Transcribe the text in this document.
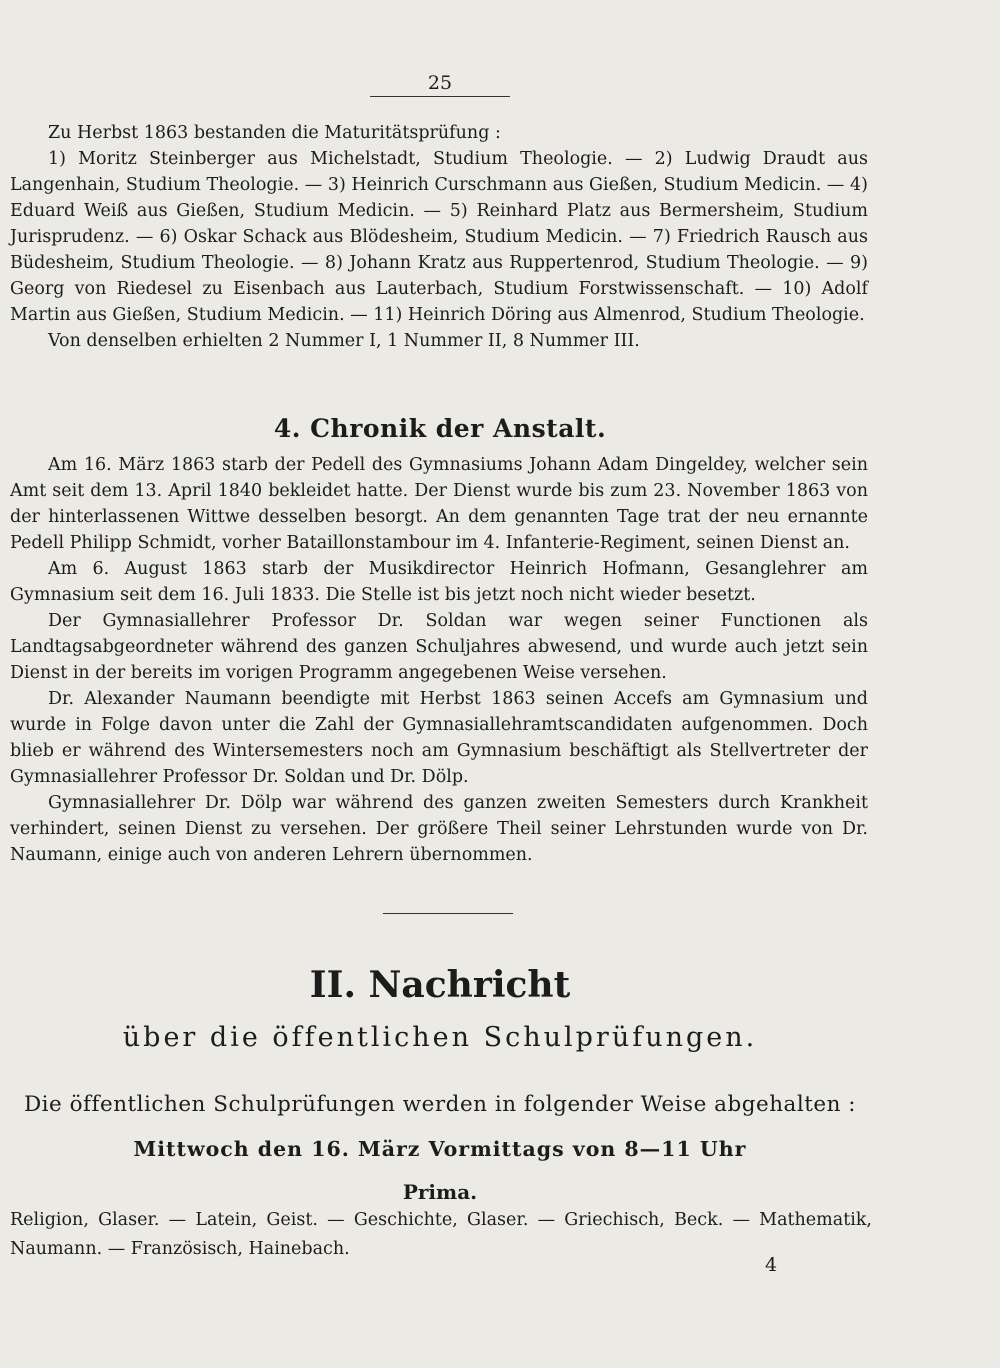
25

Zu Herbst 1863 bestanden die Maturitätsprüfung :

1) Moritz Steinberger aus Michelstadt, Studium Theologie. — 2) Ludwig Draudt aus Langenhain, Studium Theologie. — 3) Heinrich Curschmann aus Gießen, Studium Medicin. — 4) Eduard Weiß aus Gießen, Studium Medicin. — 5) Reinhard Platz aus Bermersheim, Studium Jurisprudenz. — 6) Oskar Schack aus Blödesheim, Studium Medicin. — 7) Friedrich Rausch aus Büdesheim, Studium Theologie. — 8) Johann Kratz aus Ruppertenrod, Studium Theologie. — 9) Georg von Riedesel zu Eisenbach aus Lauterbach, Studium Forstwissenschaft. — 10) Adolf Martin aus Gießen, Studium Medicin. — 11) Heinrich Döring aus Almenrod, Studium Theologie.

Von denselben erhielten 2 Nummer I, 1 Nummer II, 8 Nummer III.

4. Chronik der Anstalt.

Am 16. März 1863 starb der Pedell des Gymnasiums Johann Adam Dingeldey, welcher sein Amt seit dem 13. April 1840 bekleidet hatte. Der Dienst wurde bis zum 23. November 1863 von der hinterlassenen Wittwe desselben besorgt. An dem genannten Tage trat der neu ernannte Pedell Philipp Schmidt, vorher Bataillonstambour im 4. Infanterie-Regiment, seinen Dienst an.

Am 6. August 1863 starb der Musikdirector Heinrich Hofmann, Gesanglehrer am Gymnasium seit dem 16. Juli 1833. Die Stelle ist bis jetzt noch nicht wieder besetzt.

Der Gymnasiallehrer Professor Dr. Soldan war wegen seiner Functionen als Landtagsabgeordneter während des ganzen Schuljahres abwesend, und wurde auch jetzt sein Dienst in der bereits im vorigen Programm angegebenen Weise versehen.

Dr. Alexander Naumann beendigte mit Herbst 1863 seinen Accefs am Gymnasium und wurde in Folge davon unter die Zahl der Gymnasiallehramtscandidaten aufgenommen. Doch blieb er während des Wintersemesters noch am Gymnasium beschäftigt als Stellvertreter der Gymnasiallehrer Professor Dr. Soldan und Dr. Dölp.

Gymnasiallehrer Dr. Dölp war während des ganzen zweiten Semesters durch Krankheit verhindert, seinen Dienst zu versehen. Der größere Theil seiner Lehrstunden wurde von Dr. Naumann, einige auch von anderen Lehrern übernommen.

II. Nachricht
über die öffentlichen Schulprüfungen.
Die öffentlichen Schulprüfungen werden in folgender Weise abgehalten :
Mittwoch den 16. März Vormittags von 8—11 Uhr
Prima.
Religion, Glaser. — Latein, Geist. — Geschichte, Glaser. — Griechisch, Beck. — Mathematik, Naumann. — Französisch, Hainebach.
4
